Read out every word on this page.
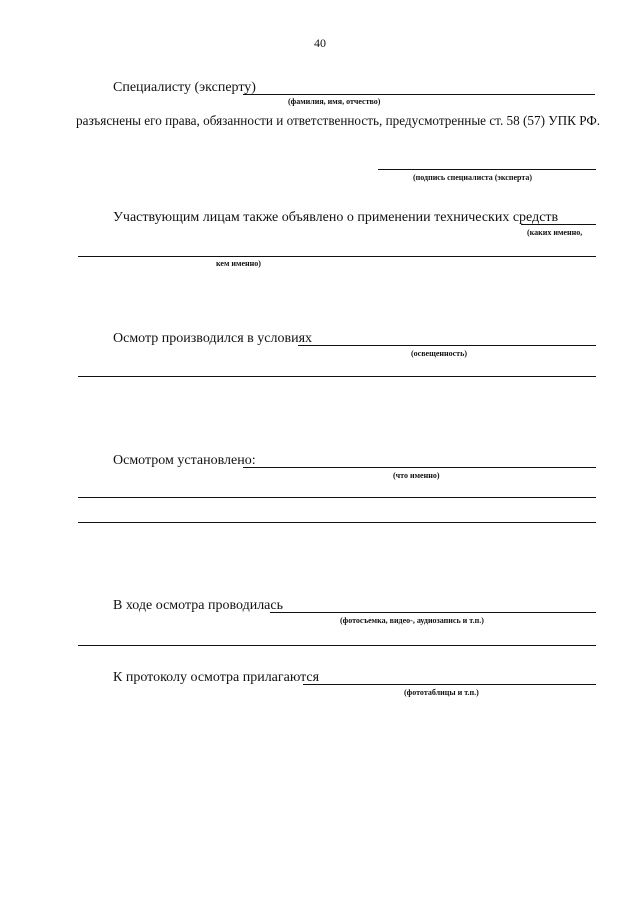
40
Специалисту (эксперту)
(фамилия, имя, отчество)
разъяснены его права, обязанности и ответственность, предусмотренные ст. 58 (57) УПК РФ.
(подпись специалиста (эксперта)
Участвующим лицам также объявлено о применении технических средств
(каких именно,
кем именно)
Осмотр производился в условиях
(освещенность)
Осмотром установлено:
(что именно)
В ходе осмотра проводилась
(фотосъемка, видео-, аудиозапись и т.п.)
К протоколу осмотра прилагаются
(фототаблицы и т.п.)
